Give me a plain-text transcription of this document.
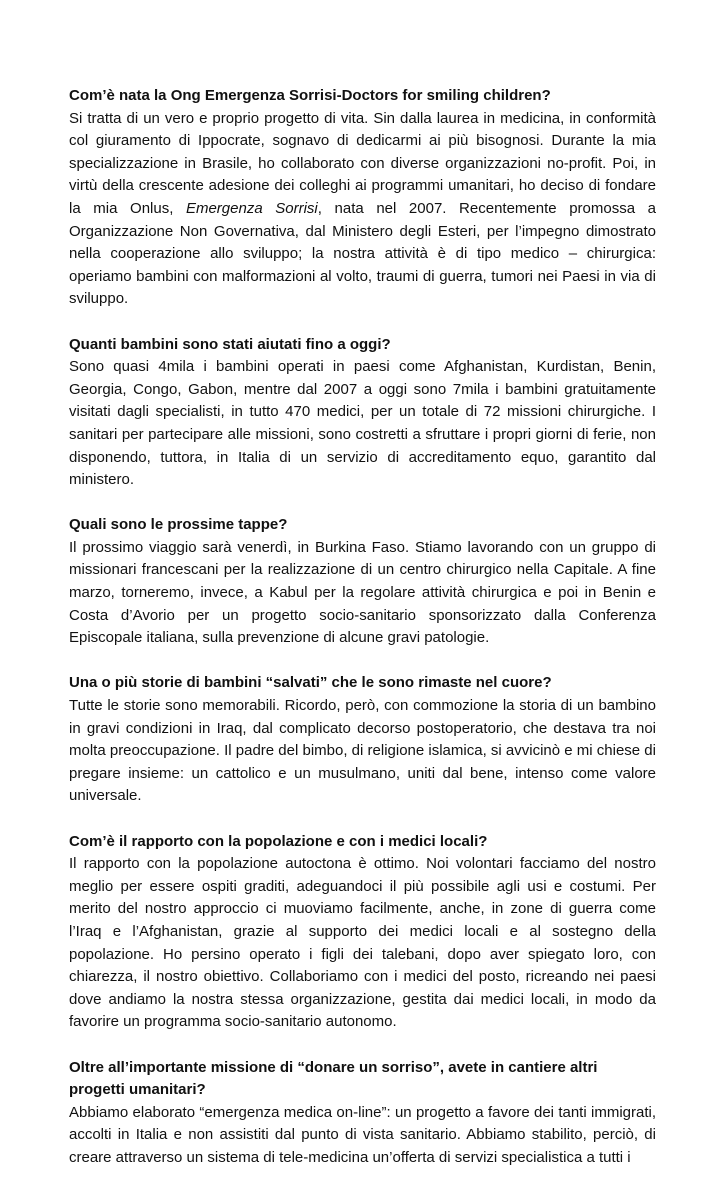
Com’è nata la Ong Emergenza Sorrisi-Doctors for smiling children?

Si tratta di un vero e proprio progetto di vita. Sin dalla laurea in medicina, in conformità col giuramento di Ippocrate, sognavo di dedicarmi ai più bisognosi. Durante la mia specializzazione in Brasile, ho collaborato con diverse organizzazioni no-profit. Poi, in virtù della crescente adesione dei colleghi ai programmi umanitari, ho deciso di fondare la mia Onlus, Emergenza Sorrisi, nata nel 2007. Recentemente promossa a Organizzazione Non Governativa, dal Ministero degli Esteri, per l’impegno dimostrato nella cooperazione allo sviluppo; la nostra attività è di tipo medico – chirurgica: operiamo bambini con malformazioni al volto, traumi di guerra, tumori nei Paesi in via di sviluppo.

Quanti bambini sono stati aiutati fino a oggi?

Sono quasi 4mila i bambini operati in paesi come Afghanistan, Kurdistan, Benin, Georgia, Congo, Gabon, mentre dal 2007 a oggi sono 7mila i bambini gratuitamente visitati dagli specialisti, in tutto 470 medici, per un totale di 72 missioni chirurgiche. I sanitari per partecipare alle missioni, sono costretti a sfruttare i propri giorni di ferie, non disponendo, tuttora, in Italia di un servizio di accreditamento equo, garantito dal ministero.

Quali sono le prossime tappe?

Il prossimo viaggio sarà venerdì, in Burkina Faso. Stiamo lavorando con un gruppo di missionari francescani per la realizzazione di un centro chirurgico nella Capitale. A fine marzo, torneremo, invece, a Kabul per la regolare attività chirurgica e poi in Benin e Costa d’Avorio per un progetto socio-sanitario sponsorizzato dalla Conferenza Episcopale italiana, sulla prevenzione di alcune gravi patologie.

Una o più storie di bambini “salvati” che le sono rimaste nel cuore?

Tutte le storie sono memorabili. Ricordo, però, con commozione la storia di un bambino in gravi condizioni in Iraq, dal complicato decorso postoperatorio, che destava tra noi molta preoccupazione. Il padre del bimbo, di religione islamica, si avvicinò e mi chiese di pregare insieme: un cattolico e un musulmano, uniti dal bene, intenso come valore universale.

Com’è il rapporto con la popolazione e con i medici locali?

Il rapporto con la popolazione autoctona è ottimo. Noi volontari facciamo del nostro meglio per essere ospiti graditi, adeguandoci il più possibile agli usi e costumi. Per merito del nostro approccio ci muoviamo facilmente, anche, in zone di guerra come l’Iraq e l’Afghanistan, grazie al supporto dei medici locali e al sostegno della popolazione. Ho persino operato i figli dei talebani, dopo aver spiegato loro, con chiarezza, il nostro obiettivo. Collaboriamo con i medici del posto, ricreando nei paesi dove andiamo la nostra stessa organizzazione, gestita dai medici locali, in modo da favorire un programma socio-sanitario autonomo.

Oltre all’importante missione di “donare un sorriso”, avete in cantiere altri progetti umanitari?

Abbiamo elaborato “emergenza medica on-line”: un progetto a favore dei tanti immigrati, accolti in Italia e non assistiti dal punto di vista sanitario. Abbiamo stabilito, perciò, di creare attraverso un sistema di tele-medicina un’offerta di servizi specialistica a tutti i
